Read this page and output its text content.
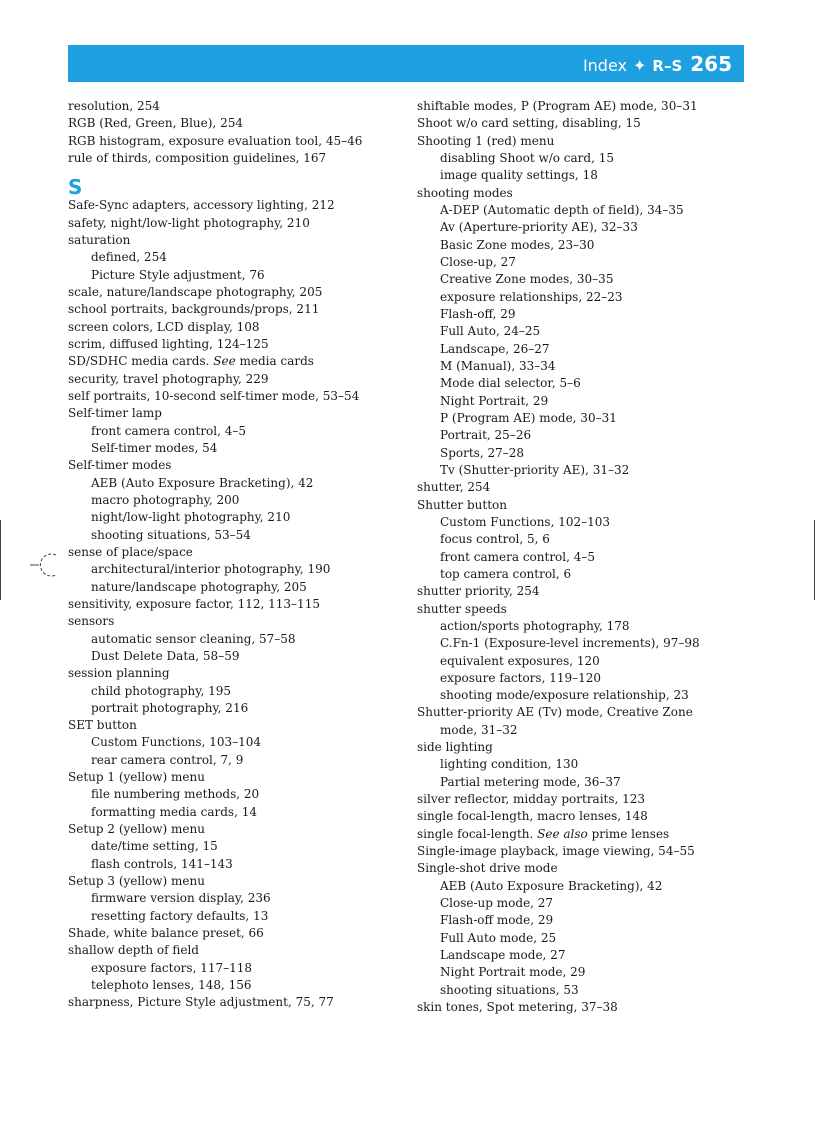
Index ✦ R–S 265
resolution, 254
RGB (Red, Green, Blue), 254
RGB histogram, exposure evaluation tool, 45–46
rule of thirds, composition guidelines, 167
S
Safe-Sync adapters, accessory lighting, 212
safety, night/low-light photography, 210
saturation
defined, 254
Picture Style adjustment, 76
scale, nature/landscape photography, 205
school portraits, backgrounds/props, 211
screen colors, LCD display, 108
scrim, diffused lighting, 124–125
SD/SDHC media cards. See media cards
security, travel photography, 229
self portraits, 10-second self-timer mode, 53–54
Self-timer lamp
front camera control, 4–5
Self-timer modes, 54
Self-timer modes
AEB (Auto Exposure Bracketing), 42
macro photography, 200
night/low-light photography, 210
shooting situations, 53–54
sense of place/space
architectural/interior photography, 190
nature/landscape photography, 205
sensitivity, exposure factor, 112, 113–115
sensors
automatic sensor cleaning, 57–58
Dust Delete Data, 58–59
session planning
child photography, 195
portrait photography, 216
SET button
Custom Functions, 103–104
rear camera control, 7, 9
Setup 1 (yellow) menu
file numbering methods, 20
formatting media cards, 14
Setup 2 (yellow) menu
date/time setting, 15
flash controls, 141–143
Setup 3 (yellow) menu
firmware version display, 236
resetting factory defaults, 13
Shade, white balance preset, 66
shallow depth of field
exposure factors, 117–118
telephoto lenses, 148, 156
sharpness, Picture Style adjustment, 75, 77
shiftable modes, P (Program AE) mode, 30–31
Shoot w/o card setting, disabling, 15
Shooting 1 (red) menu
disabling Shoot w/o card, 15
image quality settings, 18
shooting modes
A-DEP (Automatic depth of field), 34–35
Av (Aperture-priority AE), 32–33
Basic Zone modes, 23–30
Close-up, 27
Creative Zone modes, 30–35
exposure relationships, 22–23
Flash-off, 29
Full Auto, 24–25
Landscape, 26–27
M (Manual), 33–34
Mode dial selector, 5–6
Night Portrait, 29
P (Program AE) mode, 30–31
Portrait, 25–26
Sports, 27–28
Tv (Shutter-priority AE), 31–32
shutter, 254
Shutter button
Custom Functions, 102–103
focus control, 5, 6
front camera control, 4–5
top camera control, 6
shutter priority, 254
shutter speeds
action/sports photography, 178
C.Fn-1 (Exposure-level increments), 97–98
equivalent exposures, 120
exposure factors, 119–120
shooting mode/exposure relationship, 23
Shutter-priority AE (Tv) mode, Creative Zone
mode, 31–32
side lighting
lighting condition, 130
Partial metering mode, 36–37
silver reflector, midday portraits, 123
single focal-length, macro lenses, 148
single focal-length. See also prime lenses
Single-image playback, image viewing, 54–55
Single-shot drive mode
AEB (Auto Exposure Bracketing), 42
Close-up mode, 27
Flash-off mode, 29
Full Auto mode, 25
Landscape mode, 27
Night Portrait mode, 29
shooting situations, 53
skin tones, Spot metering, 37–38
